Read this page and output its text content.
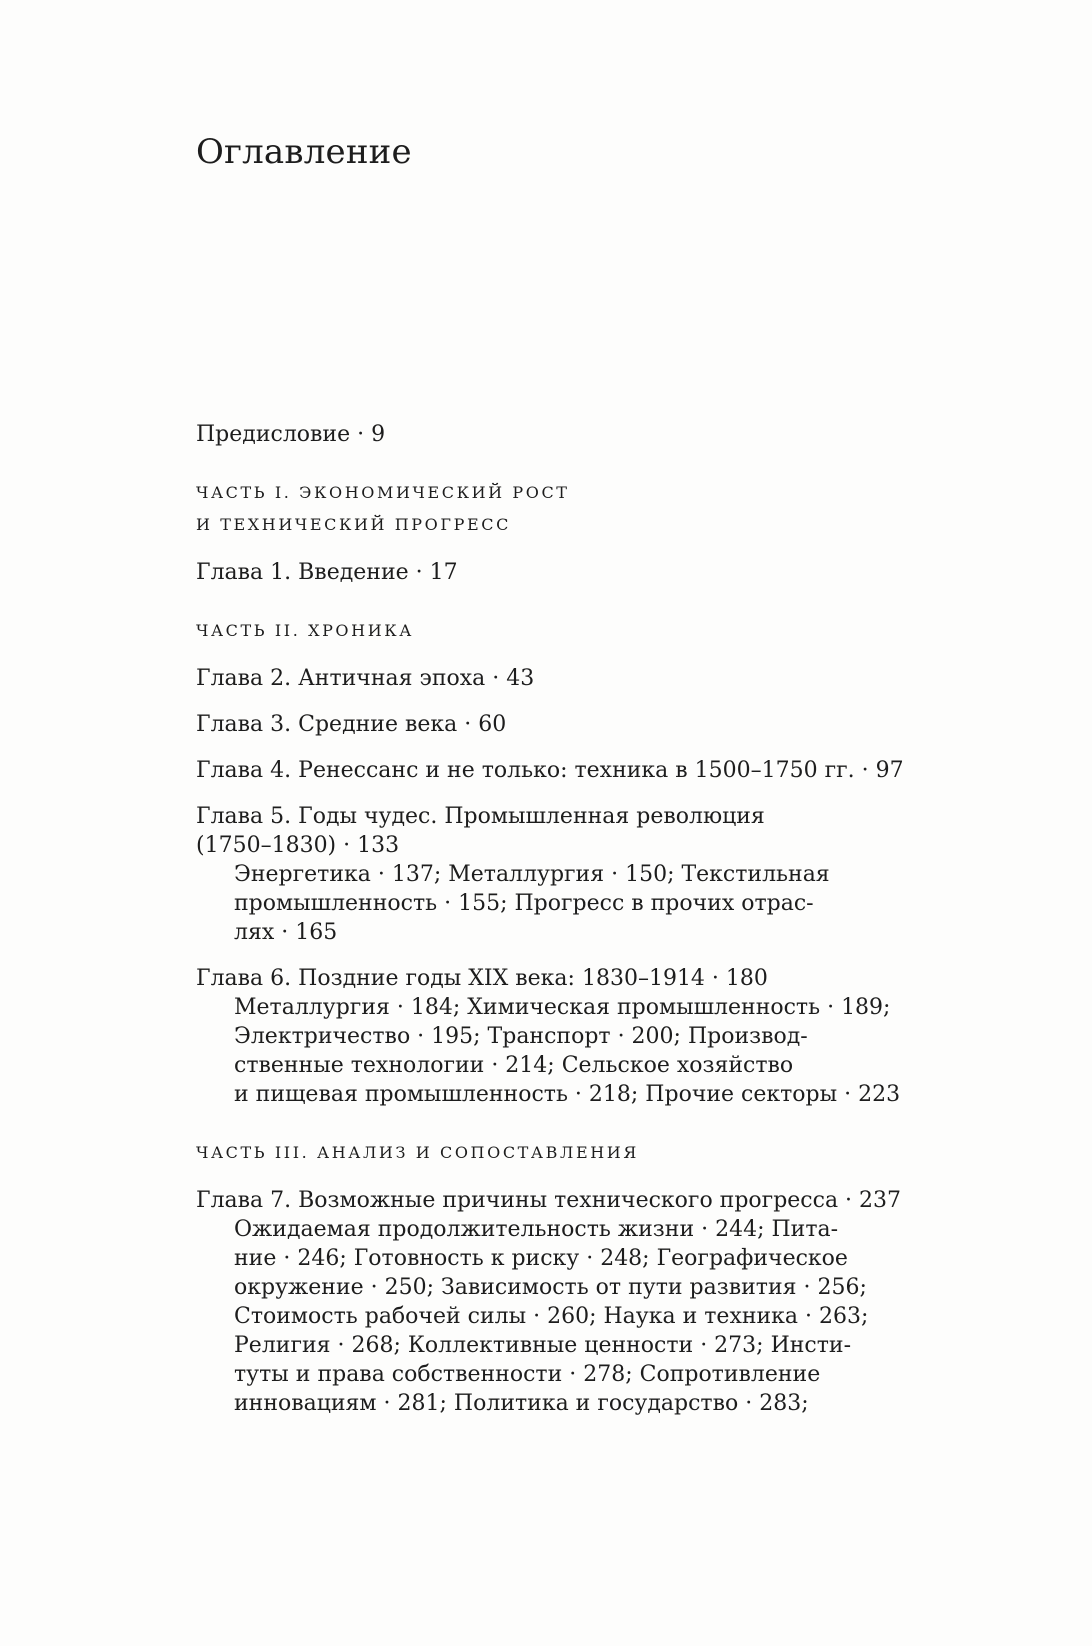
Оглавление

Предисловие · 9

ЧАСТЬ I. ЭКОНОМИЧЕСКИЙ РОСТ

И ТЕХНИЧЕСКИЙ ПРОГРЕСС

Глава 1. Введение · 17

ЧАСТЬ II. ХРОНИКА

Глава 2. Античная эпоха · 43

Глава 3. Средние века · 60

Глава 4. Ренессанс и не только: техника в 1500–1750 гг. · 97

Глава 5. Годы чудес. Промышленная революция

(1750–1830) · 133

Энергетика · 137; Металлургия · 150; Текстильная

промышленность · 155; Прогресс в прочих отрас-

лях · 165

Глава 6. Поздние годы XIX века: 1830–1914 · 180

Металлургия · 184; Химическая промышленность · 189;

Электричество · 195; Транспорт · 200; Производ-

ственные технологии · 214; Сельское хозяйство

и пищевая промышленность · 218; Прочие секторы · 223

ЧАСТЬ III. АНАЛИЗ И СОПОСТАВЛЕНИЯ

Глава 7. Возможные причины технического прогресса · 237

Ожидаемая продолжительность жизни · 244; Пита-

ние · 246; Готовность к риску · 248; Географическое

окружение · 250; Зависимость от пути развития · 256;

Стоимость рабочей силы · 260; Наука и техника · 263;

Религия · 268; Коллективные ценности · 273; Инсти-

туты и права собственности · 278; Сопротивление

инновациям · 281; Политика и государство · 283;
